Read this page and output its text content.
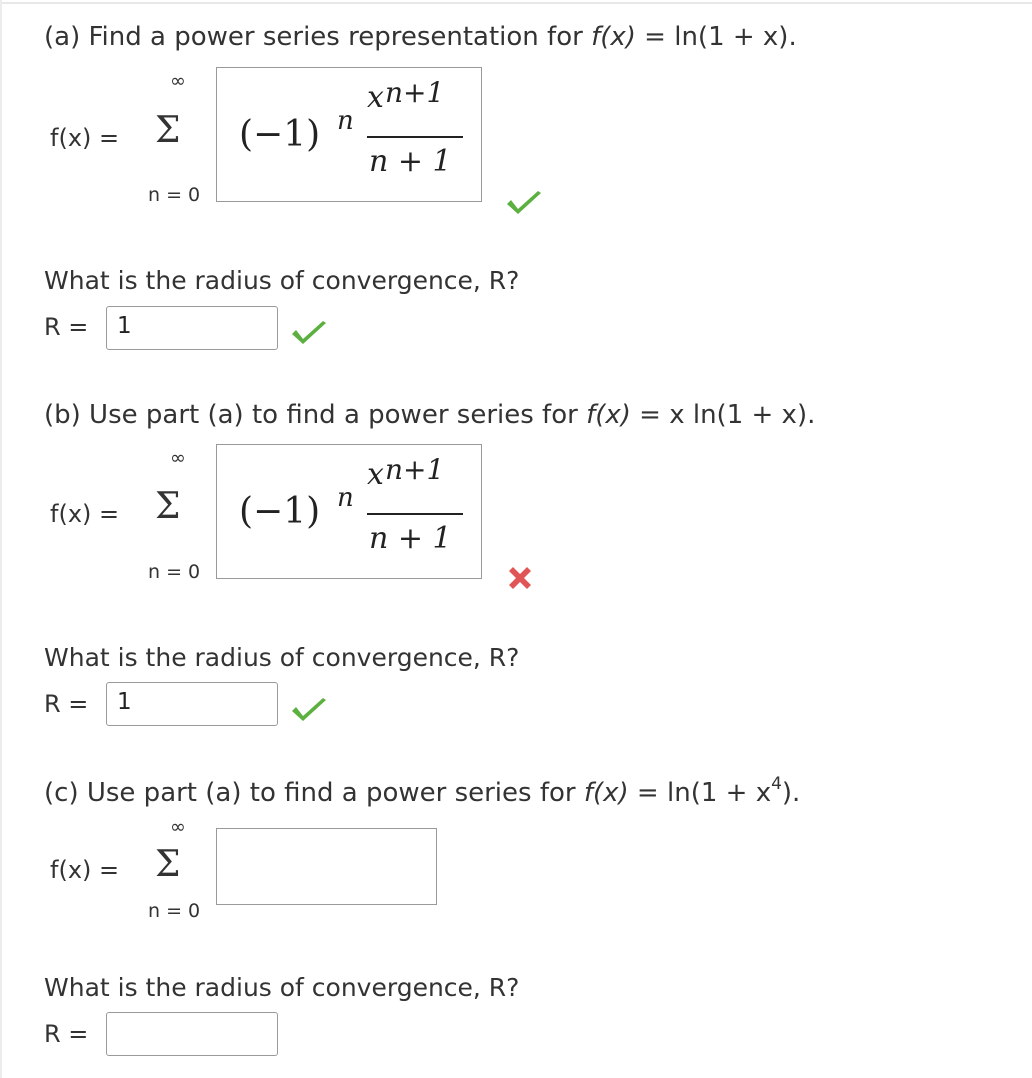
(a) Find a power series representation for f(x) = ln(1 + x).
f(x) =
∞
Σ
n = 0
(−1) n
x n+1
n + 1
What is the radius of convergence, R?
R =	1
(b) Use part (a) to find a power series for f(x) = x ln(1 + x).
f(x) =
∞
Σ
n = 0
(−1) n
x n+1
n + 1
What is the radius of convergence, R?
R =	1
(c) Use part (a) to find a power series for $f(x) = \ln(1 + x^4)$.
f(x) =
∞
Σ
n = 0
What is the radius of convergence, R?
R =
